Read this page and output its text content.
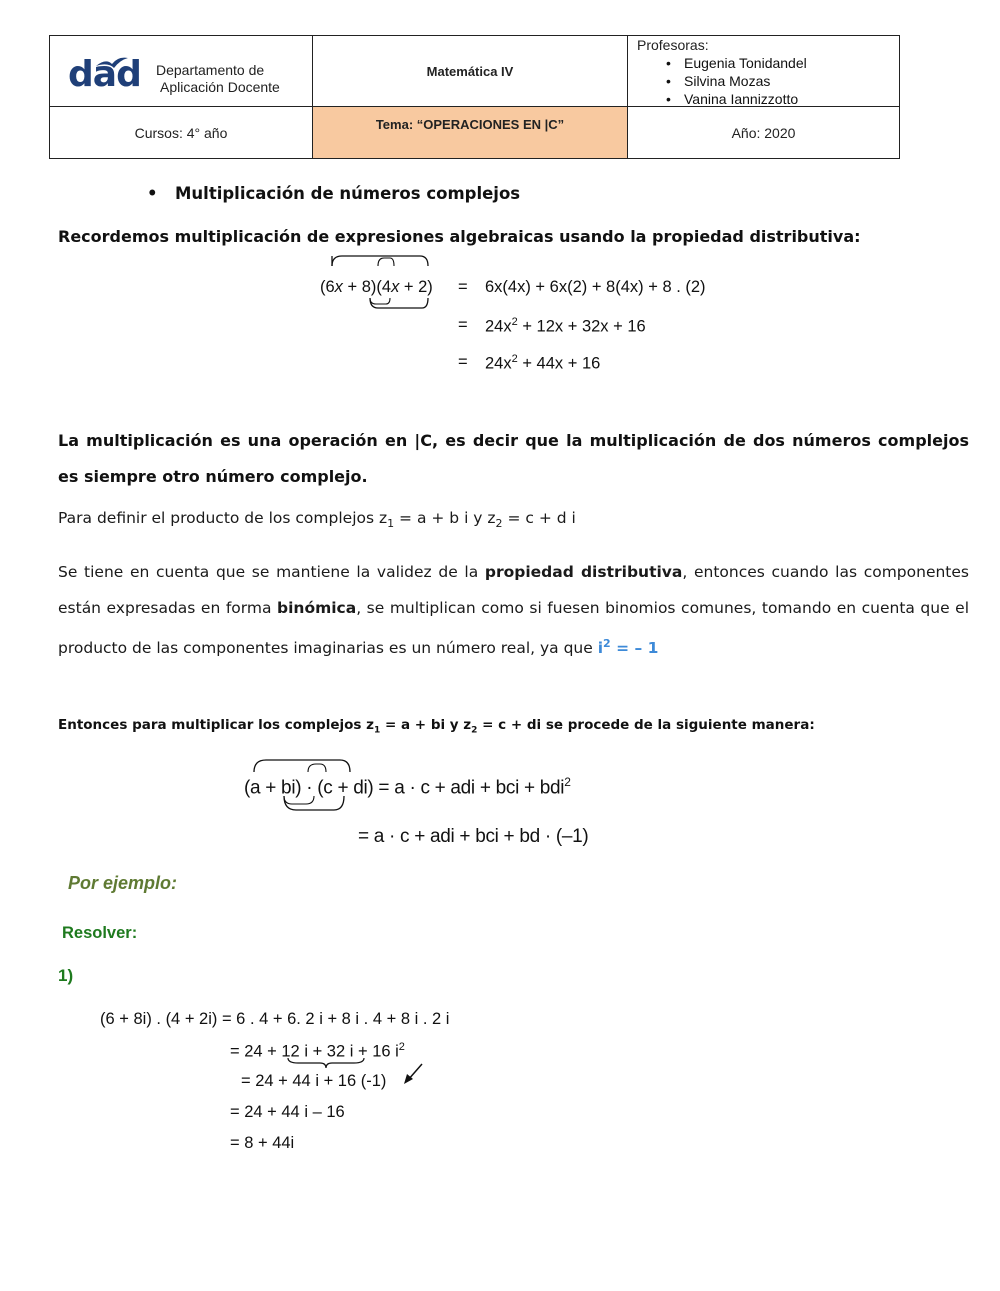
dad Departamento de
Aplicación Docente
Matemática IV
Profesoras:
• Eugenia Tonidandel
• Silvina Mozas
• Vanina Iannizzotto
Cursos: 4° año
Tema: “OPERACIONES EN |C”
Año: 2020
• Multiplicación de números complejos
Recordemos multiplicación de expresiones algebraicas usando la propiedad distributiva:
(6x + 8)(4x + 2) = 6x(4x) + 6x(2) + 8(4x) + 8 . (2)
= $24x^2 + 12x + 32x + 16$
= $24x^2 + 44x + 16$
La multiplicación es una operación en |C, es decir que la multiplicación de dos números complejos es siempre otro número complejo.
Para definir el producto de los complejos $z_1 = a + b$ i y $z_2 = c + d$ i
Se tiene en cuenta que se mantiene la validez de la propiedad distributiva, entonces cuando las componentes están expresadas en forma binómica, se multiplican como si fuesen binomios comunes, tomando en cuenta que el producto de las componentes imaginarias es un número real, ya que $i^2$ = – 1
Entonces para multiplicar los complejos $z_1 = a$ + bi y $z_2 = c$ + di se procede de la siguiente manera:
(a + bi) · (c + di) = a · c + adi + bci + bdi$^2$
= a · c + adi + bci + bd · (–1)
Por ejemplo:
Resolver:
1)
(6 + 8i) . (4 + 2i) = 6 . 4 + 6. 2 i + 8 i . 4 + 8 i . 2 i
= 24 + 12 i + 32 i + 16 $i^2$
= 24 + 44 i + 16 (-1)
= 24 + 44 i – 16
= 8 + 44i
